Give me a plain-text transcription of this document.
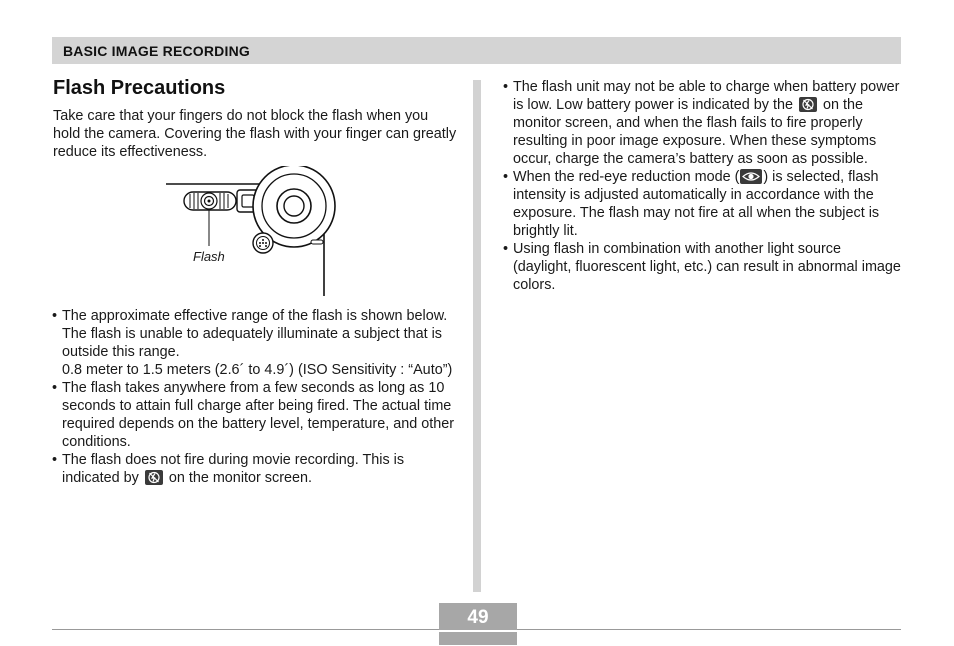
BASIC IMAGE RECORDING
Flash Precautions

Take care that your fingers do not block the flash when you hold the camera. Covering the flash with your finger can greatly reduce its effectiveness.

Flash
• The approximate effective range of the flash is shown below. The flash is unable to adequately illuminate a subject that is outside this range.
0.8 meter to 1.5 meters (2.6´ to 4.9´) (ISO Sensitivity : “Auto”)
• The flash takes anywhere from a few seconds as long as 10 seconds to attain full charge after being fired. The actual time required depends on the battery level, temperature, and other conditions.
• The flash does not fire during movie recording. This is indicated by on the monitor screen.
• The flash unit may not be able to charge when battery power is low. Low battery power is indicated by the on the monitor screen, and when the flash fails to fire properly resulting in poor image exposure. When these symptoms occur, charge the camera’s battery as soon as possible.
• When the red-eye reduction mode ( ) is selected, flash intensity is adjusted automatically in accordance with the exposure. The flash may not fire at all when the subject is brightly lit.
• Using flash in combination with another light source (daylight, fluorescent light, etc.) can result in abnormal image colors.
49
